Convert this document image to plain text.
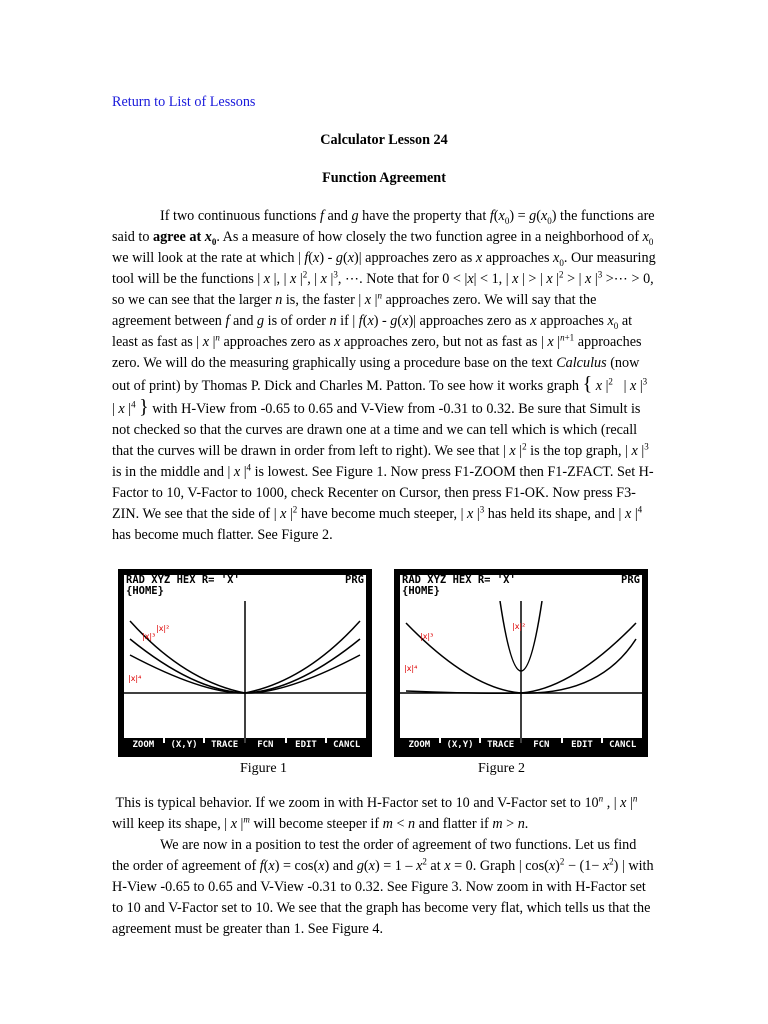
Return to List of Lessons

Calculator Lesson 24

Function Agreement

If two continuous functions f and g have the property that $f(x_0) = g(x_0)$ the functions are said to agree at $x_0$. As a measure of how closely the two function agree in a neighborhood of $x_0$ we will look at the rate at which | f(x) - g(x)| approaches zero as x approaches $x_0$. Our measuring tool will be the functions | x |, | x $|^2$, | x $|^3$, ⋯. Note that for 0 < |x| < 1, | x | > | x $|^2$ > | x $|^3$ >⋯ > 0, so we can see that the larger n is, the faster | x $|^n$ approaches zero. We will say that the agreement between f and g is of order n if | f(x) - g(x)| approaches zero as x approaches $x_0$ at least as fast as | x $|^n$ approaches zero as x approaches zero, but not as fast as | x $|^{n+1}$ approaches zero. We will do the measuring graphically using a procedure base on the text Calculus (now out of print) by Thomas P. Dick and Charles M. Patton. To see how it works graph { x $|^2$   | x $|^3$   | x $|^4$ } with H-View from -0.65 to 0.65 and V-View from -0.31 to 0.32. Be sure that Simult is not checked so that the curves are drawn one at a time and we can tell which is which (recall that the curves will be drawn in order from left to right). We see that | x $|^2$ is the top graph, | x $|^3$ is in the middle and | x $|^4$ is lowest. See Figure 1. Now press F1-ZOOM then F1-ZFACT. Set H-Factor to 10, V-Factor to 1000, check Recenter on Cursor, then press F1-OK. Now press F3-ZIN. We see that the side of | x $|^2$ have become much steeper, | x $|^3$ has held its shape, and | x $|^4$ has become much flatter. See Figure 2.

RAD XYZ HEX R= 'X'	PRG
{HOME}
|x|³
|x|²
|x|⁴
ZOOM	(X,Y)	TRACE	FCN	EDIT	CANCL
RAD XYZ HEX R= 'X'	PRG
{HOME}
|x|²
|x|³
|x|⁴
ZOOM	(X,Y)	TRACE	FCN	EDIT	CANCL
Figure 1	Figure 2

This is typical behavior. If we zoom in with H-Factor set to 10 and V-Factor set to 10$^n$ , | x $|^n$ will keep its shape, | x $|^m$ will become steeper if m < n and flatter if m > n.

We are now in a position to test the order of agreement of two functions. Let us find the order of agreement of f(x) = cos(x) and $g(x) = 1 - x^2$ at x = 0. Graph | $\cos(x)^2 - (1- x^2)$ | with H-View -0.65 to 0.65 and V-View -0.31 to 0.32. See Figure 3. Now zoom in with H-Factor set to 10 and V-Factor set to 10. We see that the graph has become very flat, which tells us that the agreement must be greater than 1. See Figure 4.
